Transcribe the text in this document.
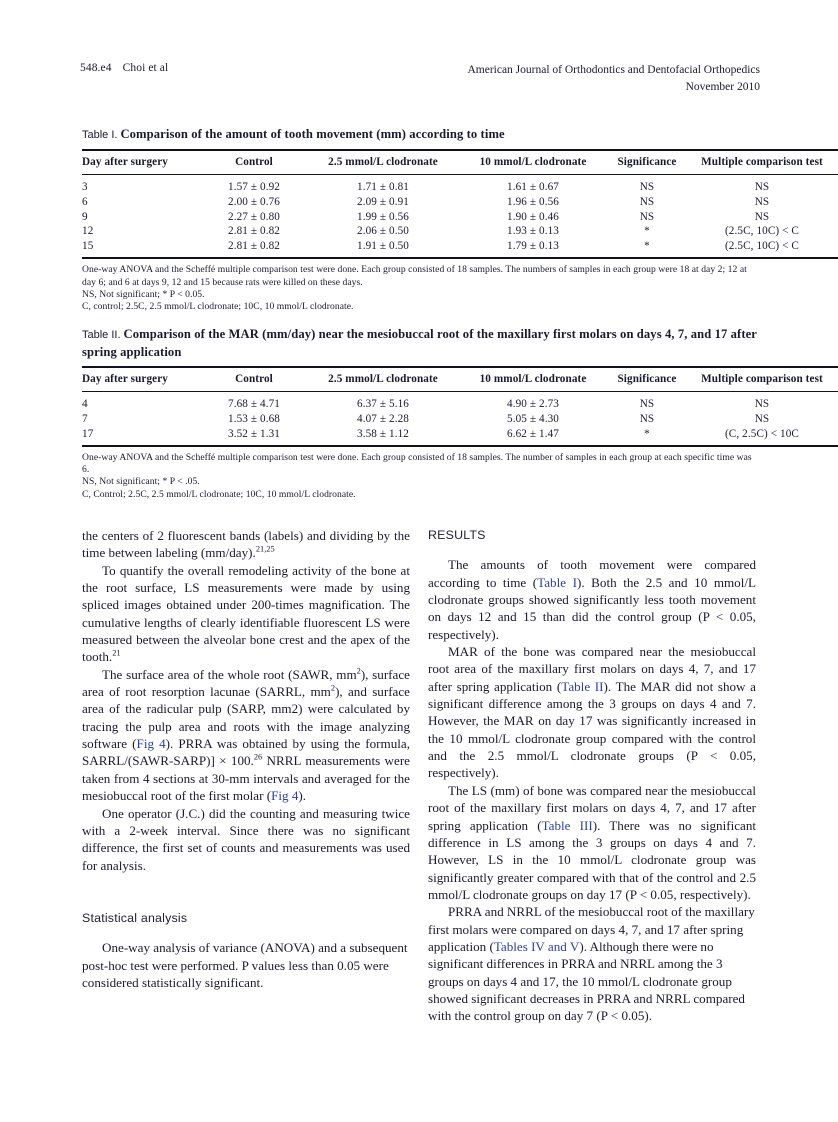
548.e4 Choi et al	American Journal of Orthodontics and Dentofacial Orthopedics
November 2010

Table I. Comparison of the amount of tooth movement (mm) according to time

Day after surgery	Control	2.5 mmol/L clodronate	10 mmol/L clodronate	Significance	Multiple comparison test
3	1.57 ± 0.92	1.71 ± 0.81	1.61 ± 0.67	NS	NS
6	2.00 ± 0.76	2.09 ± 0.91	1.96 ± 0.56	NS	NS
9	2.27 ± 0.80	1.99 ± 0.56	1.90 ± 0.46	NS	NS
12	2.81 ± 0.82	2.06 ± 0.50	1.93 ± 0.13	*	(2.5C, 10C) < C
15	2.81 ± 0.82	1.91 ± 0.50	1.79 ± 0.13	*	(2.5C, 10C) < C

One-way ANOVA and the Scheffé multiple comparison test were done. Each group consisted of 18 samples. The numbers of samples in each group were 18 at day 2; 12 at day 6; and 6 at days 9, 12 and 15 because rats were killed on these days.

NS, Not significant; * P < 0.05.

C, control; 2.5C, 2.5 mmol/L clodronate; 10C, 10 mmol/L clodronate.

Table II. Comparison of the MAR (mm/day) near the mesiobuccal root of the maxillary first molars on days 4, 7, and 17 after spring application

Day after surgery	Control	2.5 mmol/L clodronate	10 mmol/L clodronate	Significance	Multiple comparison test
4	7.68 ± 4.71	6.37 ± 5.16	4.90 ± 2.73	NS	NS
7	1.53 ± 0.68	4.07 ± 2.28	5.05 ± 4.30	NS	NS
17	3.52 ± 1.31	3.58 ± 1.12	6.62 ± 1.47	*	(C, 2.5C) < 10C

One-way ANOVA and the Scheffé multiple comparison test were done. Each group consisted of 18 samples. The number of samples in each group at each specific time was 6.

NS, Not significant; * P < .05.

C, Control; 2.5C, 2.5 mmol/L clodronate; 10C, 10 mmol/L clodronate.

the centers of 2 fluorescent bands (labels) and dividing by the time between labeling (mm/day).$^{21,25}$

To quantify the overall remodeling activity of the bone at the root surface, LS measurements were made by using spliced images obtained under 200-times magnification. The cumulative lengths of clearly identifiable fluorescent LS were measured between the alveolar bone crest and the apex of the tooth.$^{21}$

The surface area of the whole root (SAWR, $mm^2$), surface area of root resorption lacunae (SARRL, $mm^2$), and surface area of the radicular pulp (SARP, mm2) were calculated by tracing the pulp area and roots with the image analyzing software (Fig 4). PRRA was obtained by using the formula, SARRL/(SAWR-SARP)] × 100.26 NRRL measurements were taken from 4 sections at 30-mm intervals and averaged for the mesiobuccal root of the first molar (Fig 4).

One operator (J.C.) did the counting and measuring twice with a 2-week interval. Since there was no significant difference, the first set of counts and measurements was used for analysis.

Statistical analysis

One-way analysis of variance (ANOVA) and a subsequent post-hoc test were performed. P values less than 0.05 were considered statistically significant.

RESULTS

The amounts of tooth movement were compared according to time (Table I). Both the 2.5 and 10 mmol/L clodronate groups showed significantly less tooth movement on days 12 and 15 than did the control group (P < 0.05, respectively).

MAR of the bone was compared near the mesiobuccal root area of the maxillary first molars on days 4, 7, and 17 after spring application (Table II). The MAR did not show a significant difference among the 3 groups on days 4 and 7. However, the MAR on day 17 was significantly increased in the 10 mmol/L clodronate group compared with the control and the 2.5 mmol/L clodronate groups (P < 0.05, respectively).

The LS (mm) of bone was compared near the mesiobuccal root of the maxillary first molars on days 4, 7, and 17 after spring application (Table III). There was no significant difference in LS among the 3 groups on days 4 and 7. However, LS in the 10 mmol/L clodronate group was significantly greater compared with that of the control and 2.5 mmol/L clodronate groups on day 17 (P < 0.05, respectively).

PRRA and NRRL of the mesiobuccal root of the maxillary first molars were compared on days 4, 7, and 17 after spring application (Tables IV and V). Although there were no significant differences in PRRA and NRRL among the 3 groups on days 4 and 17, the 10 mmol/L clodronate group showed significant decreases in PRRA and NRRL compared with the control group on day 7 (P < 0.05).
